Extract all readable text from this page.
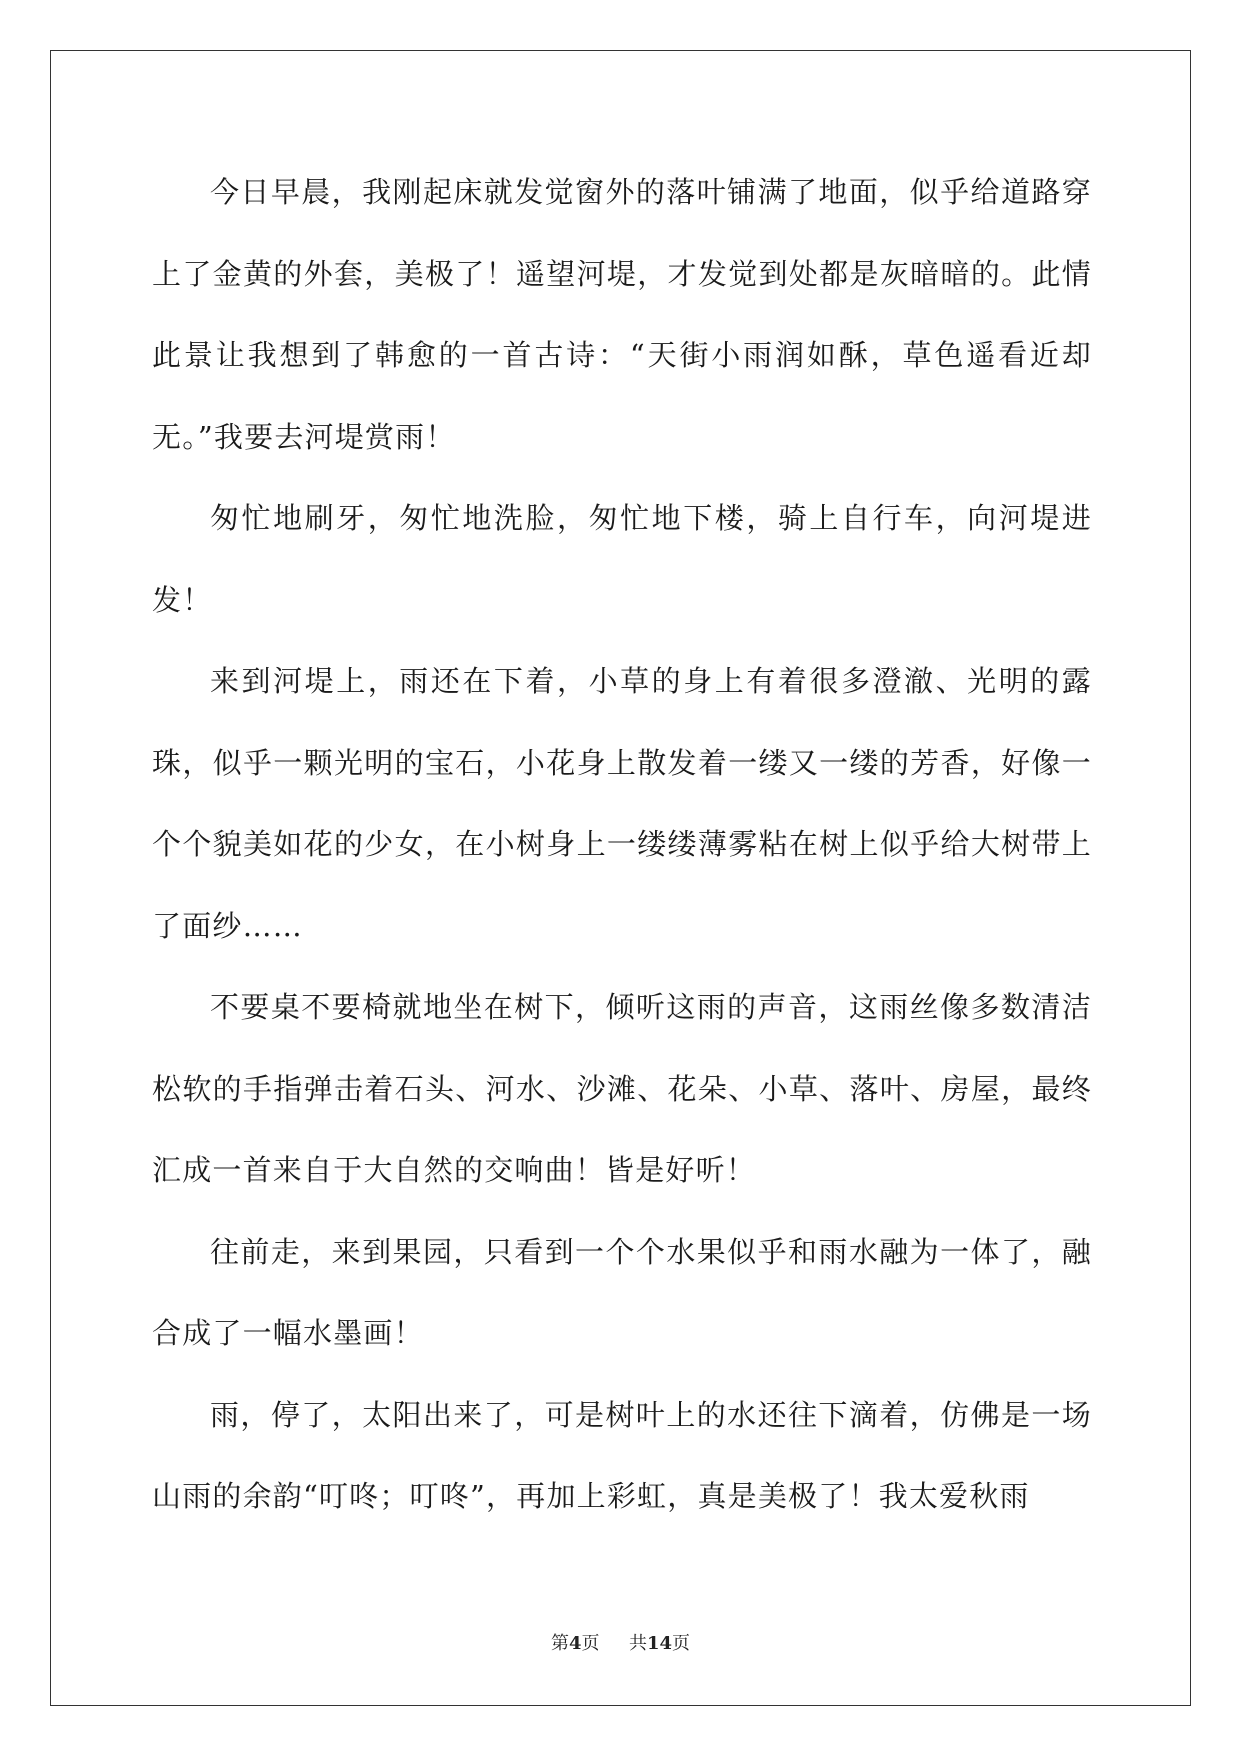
今日早晨，我刚起床就发觉窗外的落叶铺满了地面，似乎给道路穿上了金黄的外套，美极了！遥望河堤，才发觉到处都是灰暗暗的。此情此景让我想到了韩愈的一首古诗：“天街小雨润如酥，草色遥看近却无。”我要去河堤赏雨！

匆忙地刷牙，匆忙地洗脸，匆忙地下楼，骑上自行车，向河堤进发！

来到河堤上，雨还在下着，小草的身上有着很多澄澈、光明的露珠，似乎一颗光明的宝石，小花身上散发着一缕又一缕的芳香，好像一个个貌美如花的少女，在小树身上一缕缕薄雾粘在树上似乎给大树带上了面纱……

不要桌不要椅就地坐在树下，倾听这雨的声音，这雨丝像多数清洁松软的手指弹击着石头、河水、沙滩、花朵、小草、落叶、房屋，最终汇成一首来自于大自然的交响曲！皆是好听！

往前走，来到果园，只看到一个个水果似乎和雨水融为一体了，融合成了一幅水墨画！

雨，停了，太阳出来了，可是树叶上的水还往下滴着，仿佛是一场山雨的余韵“叮咚；叮咚”，再加上彩虹，真是美极了！我太爱秋雨

第4页 共14页
